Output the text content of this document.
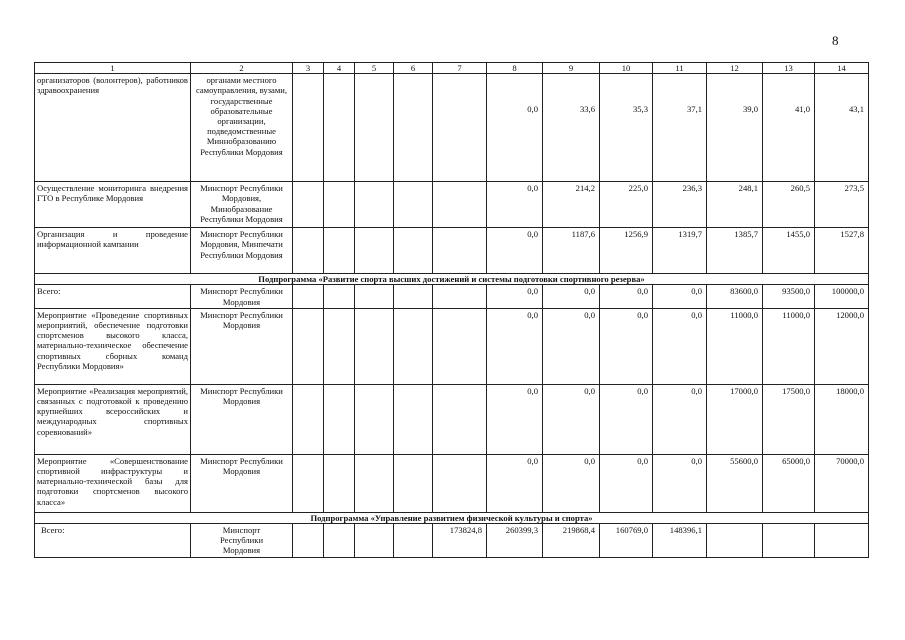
8
1	2	3	4	5	6	7	8	9	10	11	12	13	14
организаторов (волонтеров), работников здравоохранения	органами местного самоуправления, вузами, государственные образовательные организации, подведомственные Миннобразованию Республики Мордовия						0,0	33,6	35,3	37,1	39,0	41,0	43,1
Осуществление мониторинга внедрения ГТО в Республике Мордовия	Минспорт Республики Мордовия, Минобразование Республики Мордовия						0,0	214,2	225,0	236,3	248,1	260,5	273,5
Организация и проведение информационной кампании	Минспорт Республики Мордовия, Минпечати Республики Мордовия						0,0	1187,6	1256,9	1319,7	1385,7	1455,0	1527,8
Подпрограмма «Развитие спорта высших достижений и системы подготовки спортивного резерва»													
Всего:	Минспорт Республики Мордовия						0,0	0,0	0,0	0,0	83600,0	93500,0	100000,0
Мероприятие «Проведение спортивных мероприятий, обеспечение подготовки спортсменов высокого класса, материально-техническое обеспечение спортивных сборных команд Республики Мордовия»	Минспорт Республики Мордовия						0,0	0,0	0,0	0,0	11000,0	11000,0	12000,0
Мероприятие «Реализация мероприятий, связанных с подготовкой к проведению крупнейших всероссийских и международных спортивных соревнований»	Минспорт Республики Мордовия						0,0	0,0	0,0	0,0	17000,0	17500,0	18000,0
Мероприятие «Совершенствование спортивной инфраструктуры и материально-технической базы для подготовки спортсменов высокого класса»	Минспорт Республики Мордовия						0,0	0,0	0,0	0,0	55600,0	65000,0	70000,0
Подпрограмма «Управление развитием физической культуры и спорта»													
Всего:	Минспорт Республики Мордовия					173824,8	260399,3	219868,4	160769,0	148396,1			
